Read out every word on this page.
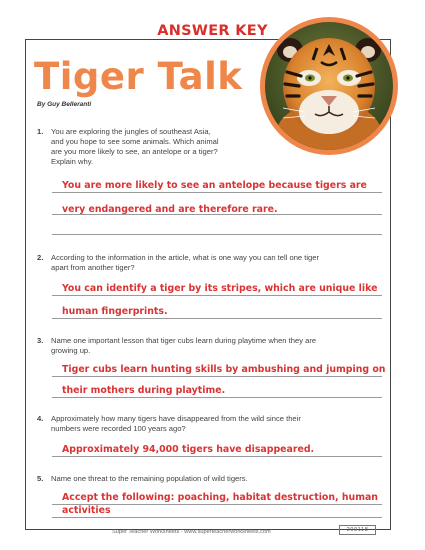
ANSWER KEY
Tiger Talk
By Guy Belleranti
1. You are exploring the jungles of southeast Asia,
and you hope to see some animals. Which animal
are you more likely to see, an antelope or a tiger?
Explain why.
You are more likely to see an antelope because tigers are
very endangered and are therefore rare.
2. According to the information in the article, what is one way you can tell one tiger
apart from another tiger?
You can identify a tiger by its stripes, which are unique like
human fingerprints.
3. Name one important lesson that tiger cubs learn during playtime when they are
growing up.
Tiger cubs learn hunting skills by ambushing and jumping on
their mothers during playtime.
4. Approximately how many tigers have disappeared from the wild since their
numbers were recorded 100 years ago?
Approximately 94,000 tigers have disappeared.
5. Name one threat to the remaining population of wild tigers.
Accept the following: poaching, habitat destruction, human
activities
Super Teacher Worksheets - www.superteacherworksheets.com	200118
